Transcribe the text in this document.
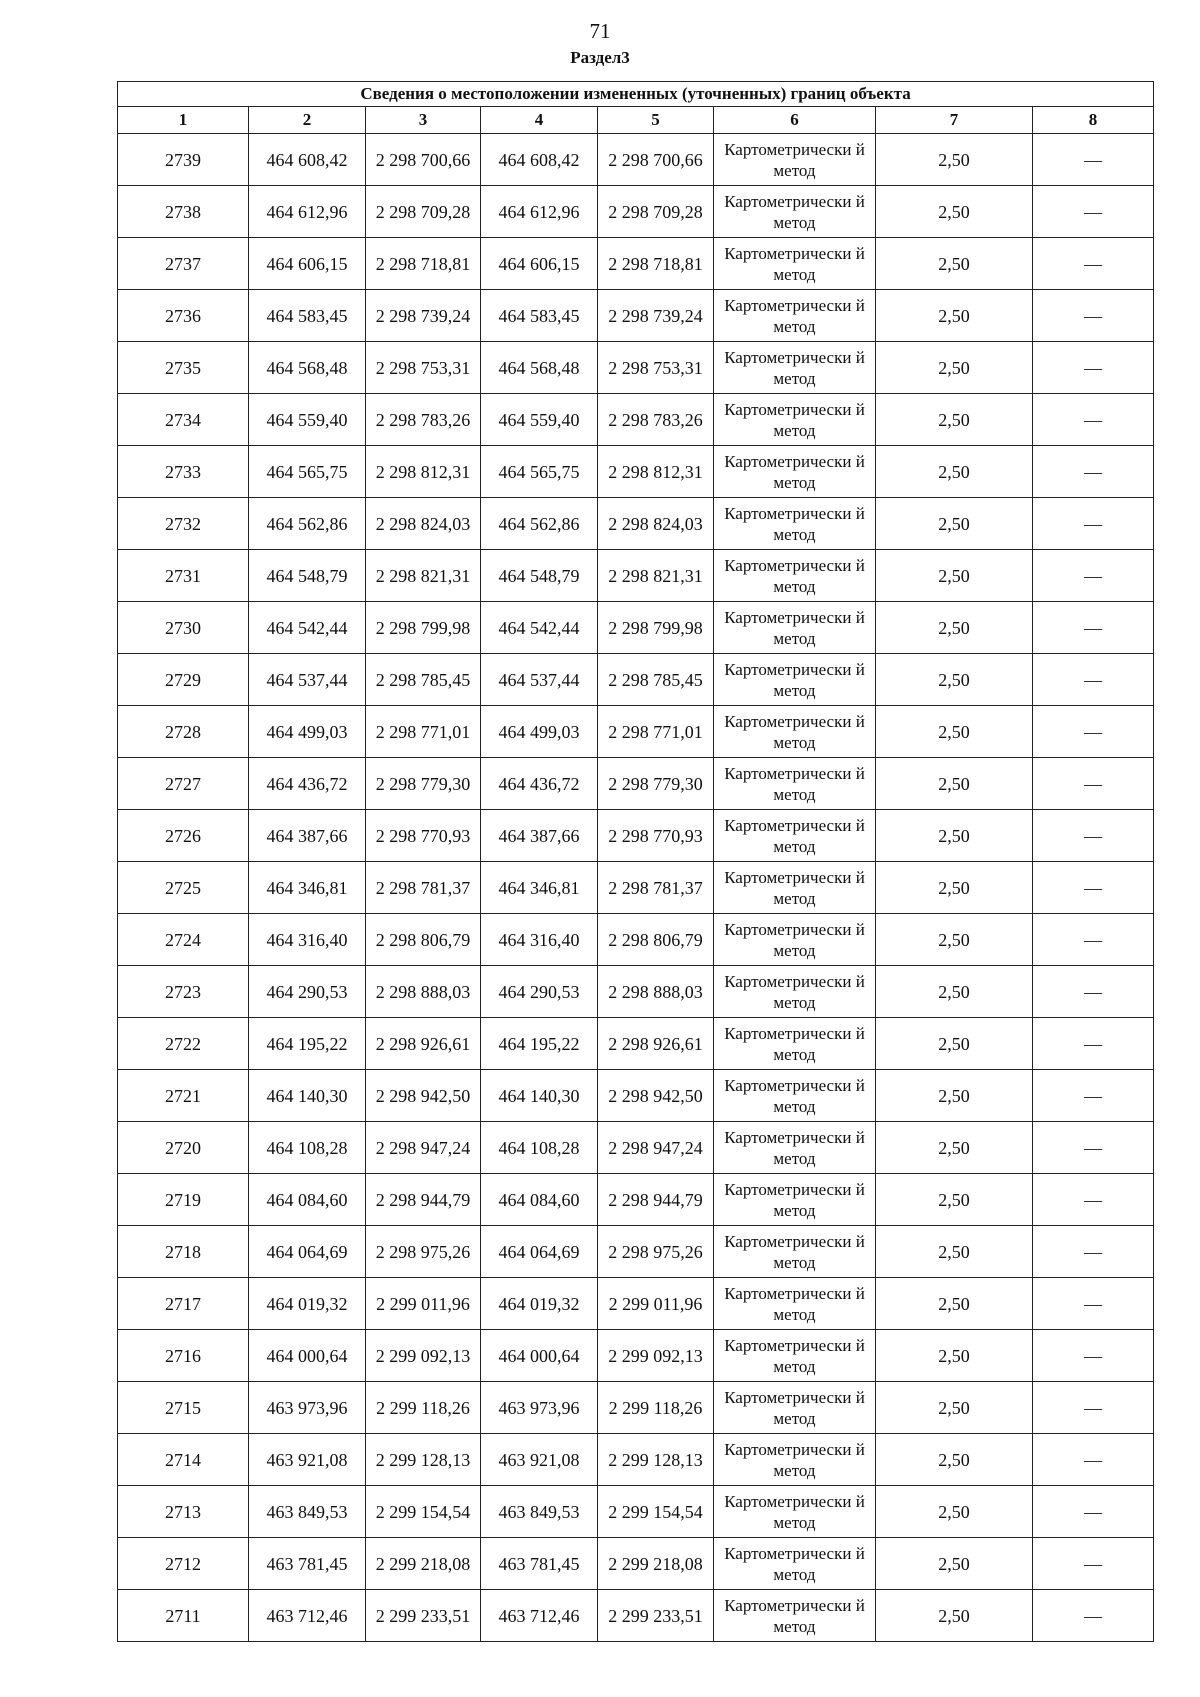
71
Раздел3
Сведения о местоположении измененных (уточненных) границ объекта							
1	2	3	4	5	6	7	8
2739	464 608,42	2 298 700,66	464 608,42	2 298 700,66	Картометрически й метод	2,50	—
2738	464 612,96	2 298 709,28	464 612,96	2 298 709,28	Картометрически й метод	2,50	—
2737	464 606,15	2 298 718,81	464 606,15	2 298 718,81	Картометрически й метод	2,50	—
2736	464 583,45	2 298 739,24	464 583,45	2 298 739,24	Картометрически й метод	2,50	—
2735	464 568,48	2 298 753,31	464 568,48	2 298 753,31	Картометрически й метод	2,50	—
2734	464 559,40	2 298 783,26	464 559,40	2 298 783,26	Картометрически й метод	2,50	—
2733	464 565,75	2 298 812,31	464 565,75	2 298 812,31	Картометрически й метод	2,50	—
2732	464 562,86	2 298 824,03	464 562,86	2 298 824,03	Картометрически й метод	2,50	—
2731	464 548,79	2 298 821,31	464 548,79	2 298 821,31	Картометрически й метод	2,50	—
2730	464 542,44	2 298 799,98	464 542,44	2 298 799,98	Картометрически й метод	2,50	—
2729	464 537,44	2 298 785,45	464 537,44	2 298 785,45	Картометрически й метод	2,50	—
2728	464 499,03	2 298 771,01	464 499,03	2 298 771,01	Картометрически й метод	2,50	—
2727	464 436,72	2 298 779,30	464 436,72	2 298 779,30	Картометрически й метод	2,50	—
2726	464 387,66	2 298 770,93	464 387,66	2 298 770,93	Картометрически й метод	2,50	—
2725	464 346,81	2 298 781,37	464 346,81	2 298 781,37	Картометрически й метод	2,50	—
2724	464 316,40	2 298 806,79	464 316,40	2 298 806,79	Картометрически й метод	2,50	—
2723	464 290,53	2 298 888,03	464 290,53	2 298 888,03	Картометрически й метод	2,50	—
2722	464 195,22	2 298 926,61	464 195,22	2 298 926,61	Картометрически й метод	2,50	—
2721	464 140,30	2 298 942,50	464 140,30	2 298 942,50	Картометрически й метод	2,50	—
2720	464 108,28	2 298 947,24	464 108,28	2 298 947,24	Картометрически й метод	2,50	—
2719	464 084,60	2 298 944,79	464 084,60	2 298 944,79	Картометрически й метод	2,50	—
2718	464 064,69	2 298 975,26	464 064,69	2 298 975,26	Картометрически й метод	2,50	—
2717	464 019,32	2 299 011,96	464 019,32	2 299 011,96	Картометрически й метод	2,50	—
2716	464 000,64	2 299 092,13	464 000,64	2 299 092,13	Картометрически й метод	2,50	—
2715	463 973,96	2 299 118,26	463 973,96	2 299 118,26	Картометрически й метод	2,50	—
2714	463 921,08	2 299 128,13	463 921,08	2 299 128,13	Картометрически й метод	2,50	—
2713	463 849,53	2 299 154,54	463 849,53	2 299 154,54	Картометрически й метод	2,50	—
2712	463 781,45	2 299 218,08	463 781,45	2 299 218,08	Картометрически й метод	2,50	—
2711	463 712,46	2 299 233,51	463 712,46	2 299 233,51	Картометрически й метод	2,50	—
